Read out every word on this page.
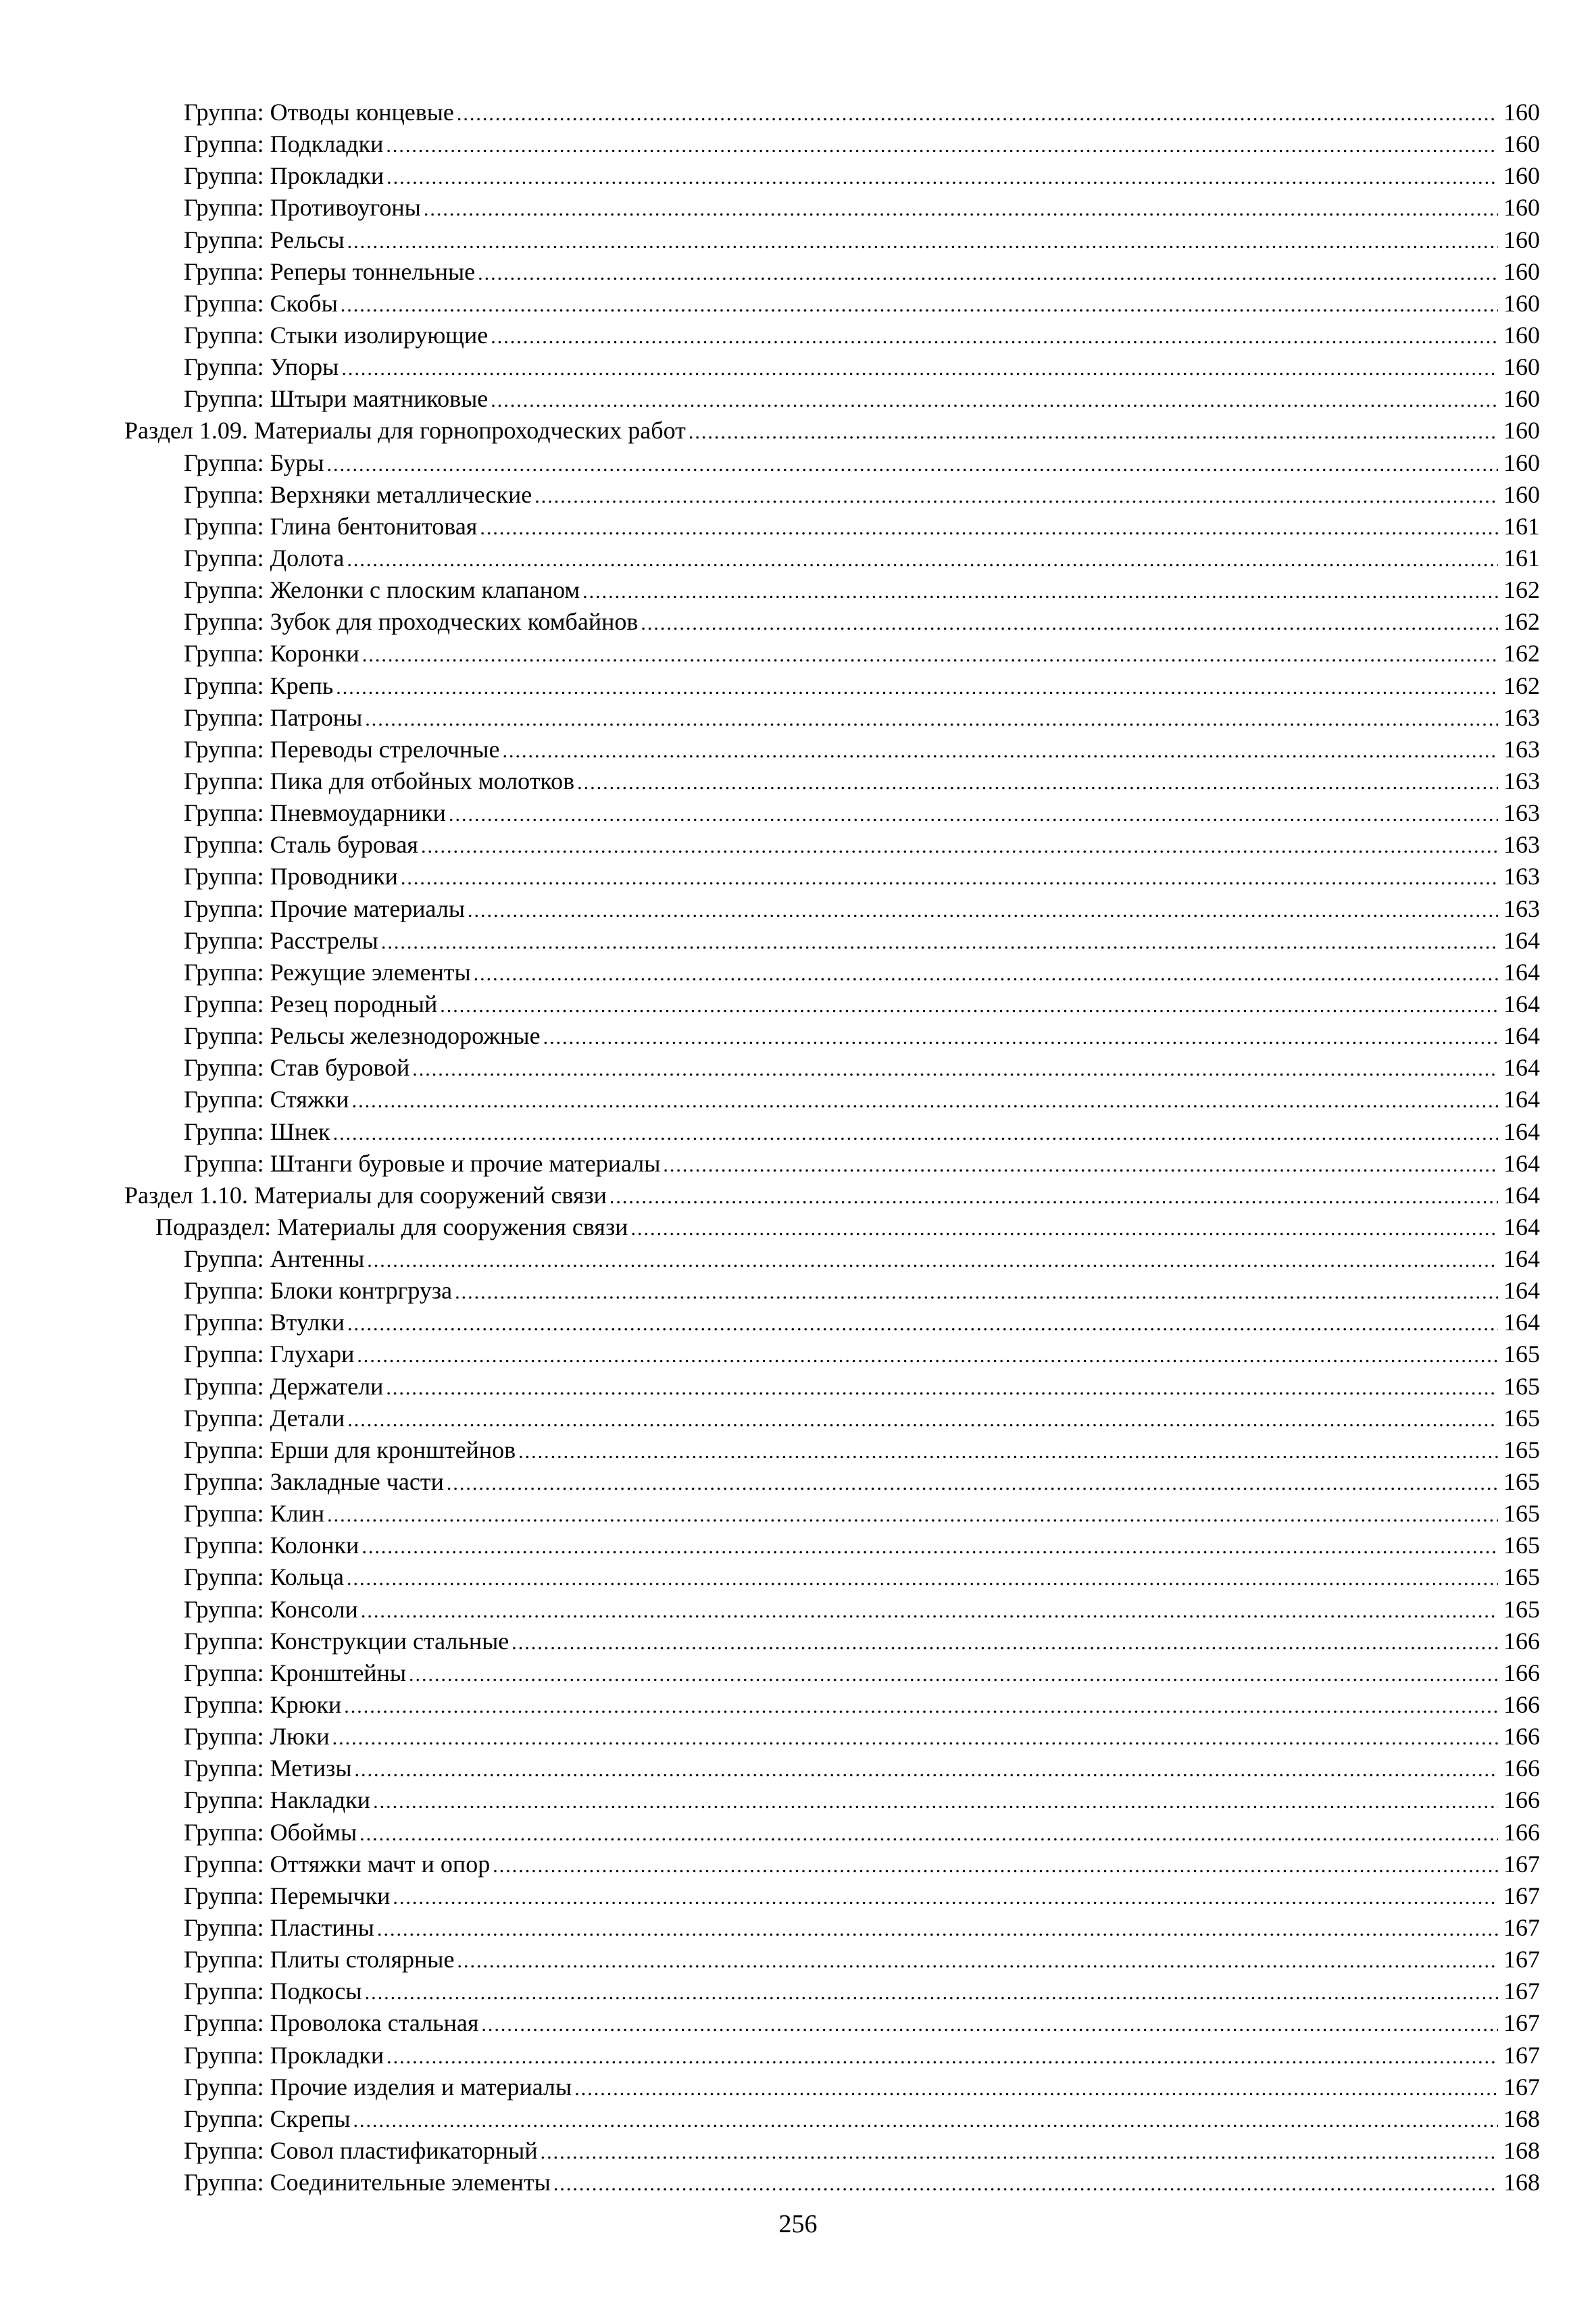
Группа: Отводы концевые .....	160
Группа: Подкладки .....	160
Группа: Прокладки .....	160
Группа: Противоугоны .....	160
Группа: Рельсы .....	160
Группа: Реперы тоннельные .....	160
Группа: Скобы .....	160
Группа: Стыки изолирующие .....	160
Группа: Упоры .....	160
Группа: Штыри маятниковые .....	160
Раздел 1.09. Материалы для горнопроходческих работ .....	160
Группа: Буры .....	160
Группа: Верхняки металлические .....	160
Группа: Глина бентонитовая .....	161
Группа: Долота .....	161
Группа: Желонки с плоским клапаном .....	162
Группа: Зубок для проходческих комбайнов .....	162
Группа: Коронки .....	162
Группа: Крепь .....	162
Группа: Патроны .....	163
Группа: Переводы стрелочные .....	163
Группа: Пика для отбойных молотков .....	163
Группа: Пневмоударники .....	163
Группа: Сталь буровая .....	163
Группа: Проводники .....	163
Группа: Прочие материалы .....	163
Группа: Расстрелы .....	164
Группа: Режущие элементы .....	164
Группа: Резец породный .....	164
Группа: Рельсы железнодорожные .....	164
Группа: Став буровой .....	164
Группа: Стяжки .....	164
Группа: Шнек .....	164
Группа: Штанги буровые и прочие материалы .....	164
Раздел 1.10. Материалы для сооружений связи .....	164
Подраздел: Материалы для сооружения связи .....	164
Группа: Антенны .....	164
Группа: Блоки контргруза .....	164
Группа: Втулки .....	164
Группа: Глухари .....	165
Группа: Держатели .....	165
Группа: Детали .....	165
Группа: Ерши для кронштейнов .....	165
Группа: Закладные части .....	165
Группа: Клин .....	165
Группа: Колонки .....	165
Группа: Кольца .....	165
Группа: Консоли .....	165
Группа: Конструкции стальные .....	166
Группа: Кронштейны .....	166
Группа: Крюки .....	166
Группа: Люки .....	166
Группа: Метизы .....	166
Группа: Накладки .....	166
Группа: Обоймы .....	166
Группа: Оттяжки мачт и опор .....	167
Группа: Перемычки .....	167
Группа: Пластины .....	167
Группа: Плиты столярные .....	167
Группа: Подкосы .....	167
Группа: Проволока стальная .....	167
Группа: Прокладки .....	167
Группа: Прочие изделия и материалы .....	167
Группа: Скрепы .....	168
Группа: Совол пластификаторный .....	168
Группа: Соединительные элементы .....	168
256
